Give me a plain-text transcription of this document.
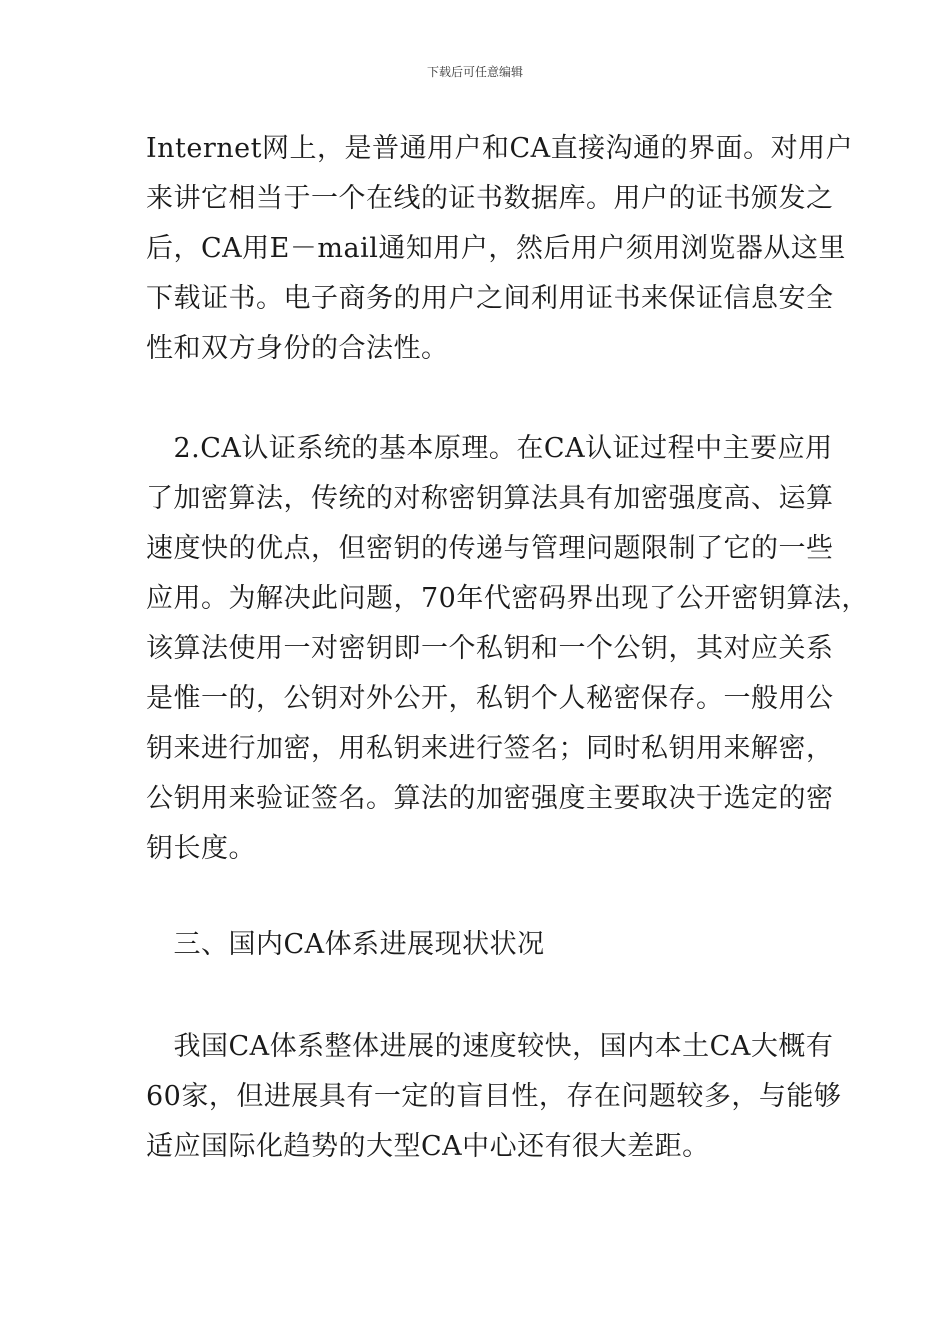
下载后可任意编辑
Internet网上，是普通用户和CA直接沟通的界面。对用户
来讲它相当于一个在线的证书数据库。用户的证书颁发之
后，CA用E－mail通知用户，然后用户须用浏览器从这里
下载证书。电子商务的用户之间利用证书来保证信息安全
性和双方身份的合法性。
　2.CA认证系统的基本原理。在CA认证过程中主要应用
了加密算法，传统的对称密钥算法具有加密强度高、运算
速度快的优点，但密钥的传递与管理问题限制了它的一些
应用。为解决此问题，70年代密码界出现了公开密钥算法，
该算法使用一对密钥即一个私钥和一个公钥，其对应关系
是惟一的，公钥对外公开，私钥个人秘密保存。一般用公
钥来进行加密，用私钥来进行签名；同时私钥用来解密，
公钥用来验证签名。算法的加密强度主要取决于选定的密
钥长度。
　三、国内CA体系进展现状状况
　我国CA体系整体进展的速度较快，国内本土CA大概有
60家，但进展具有一定的盲目性，存在问题较多，与能够
适应国际化趋势的大型CA中心还有很大差距。
